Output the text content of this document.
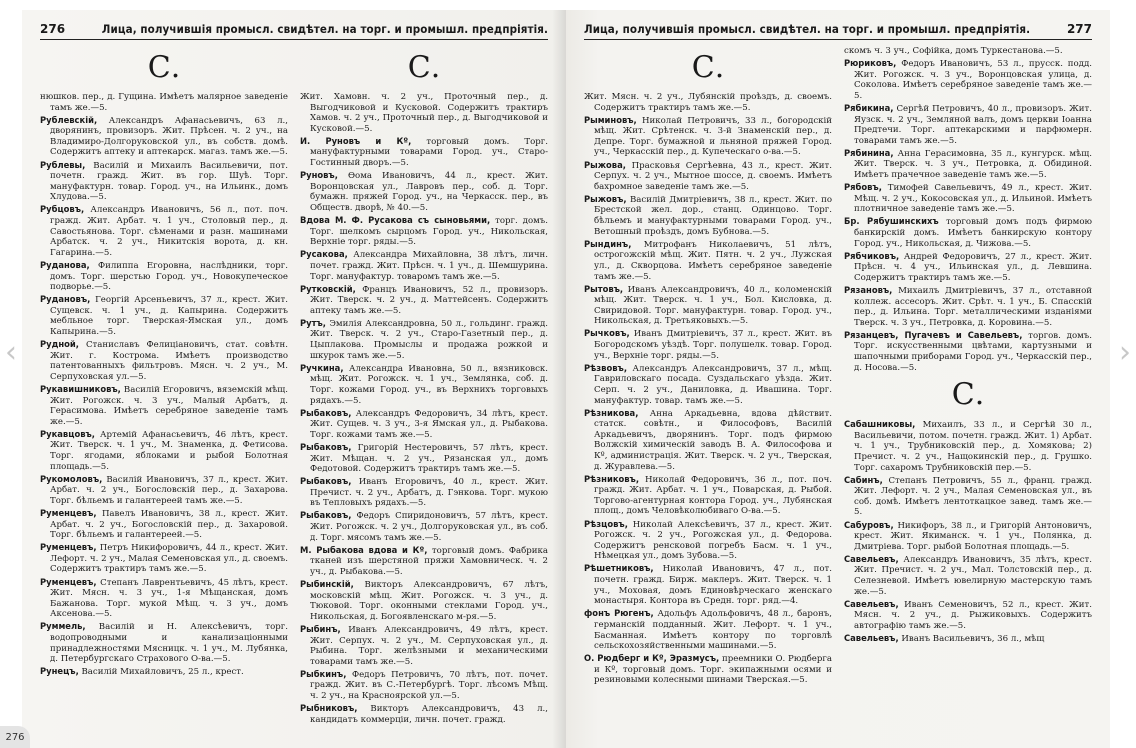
276	Лица, получившія промысл. свидѣтел. на торг. и промышл. предпріятія.
С.
нюшков. пер., д. Гущина. Имѣетъ малярное заведеніе тамъ же.—5.
Рублевскій, Александръ Афанасьевичъ, 63 л., дворянинъ, провизоръ. Жит. Прѣсен. ч. 2 уч., на Владимиро-Долгоруковской ул., въ собств. домѣ. Содержитъ аптеку и аптекарск. магаз. тамъ же.—5.
Рублевы, Василій и Михаилъ Васильевичи, пот. почетн. гражд. Жит. въ гор. Шуѣ. Торг. мануфактурн. товар. Город. уч., на Ильинк., домъ Хлудова.—5.
Рубцовъ, Александръ Ивановичъ, 56 л., пот. поч. гражд. Жит. Арбат. ч. 1 уч., Столовый пер., д. Савостьянова. Торг. сѣменами и разн. машинами Арбатск. ч. 2 уч., Никитскія ворота, д. кн. Гагарина.—5.
Руданова, Филиппа Егоровна, наслѣдники, торг. домъ. Торг. шерстью Город. уч., Новокупеческое подворье.—5.
Рудановъ, Георгій Арсеньевичъ, 37 л., крест. Жит. Сущевск. ч. 1 уч., д. Капырина. Содержитъ мебльное торг. Тверская-Ямская ул., домъ Капырина.—5.
Рудной, Станиславъ Фелиціановичъ, стат. совѣтн. Жит. г. Кострома. Имѣетъ производство патентованныхъ фильтровъ. Мясн. ч. 2 уч., М. Серпуховская ул.—5.
Рукавишниковъ, Василій Егоровичъ, вяземскій мѣщ. Жит. Рогожск. ч. 3 уч., Малый Арбатъ, д. Герасимова. Имѣетъ серебряное заведеніе тамъ же.—5.
Рукавцовъ, Артемій Афанасьевичъ, 46 лѣтъ, крест. Жит. Тверск. ч. 1 уч., М. Знаменка, д. Фетисова. Торг. ягодами, яблоками и рыбой Болотная площадь.—5.
Рукомоловъ, Василій Ивановичъ, 37 л., крест. Жит. Арбат. ч. 2 уч., Богословскій пер., д. Захарова. Торг. бѣльемъ и галантереей тамъ же.—5.
Руменцевъ, Павелъ Ивановичъ, 38 л., крест. Жит. Арбат. ч. 2 уч., Богословскій пер., д. Захаровой. Торг. бѣльемъ и галантереей.—5.
Руменцевъ, Петръ Никифоровичъ, 44 л., крест. Жит. Лефорт. ч. 2 уч., Малая Семеновская ул., д. своемъ. Содержитъ трактиръ тамъ же.—5.
Руменцевъ, Степанъ Лаврентьевичъ, 45 лѣтъ, крест. Жит. Мясн. ч. 3 уч., 1-я Мѣщанская, домъ Бажанова. Торг. мукой Мѣщ. ч. 3 уч., домъ Аксенова.—5.
Руммель, Василій и Н. Алексѣевичъ, торг. водопроводными и канализаціонными принадлежностями Мясницк. ч. 1 уч., М. Лубянка, д. Петербургскаго Страхового О-ва.—5.
Рунецъ, Василій Михайловичъ, 25 л., крест.
С.
Жит. Хамовн. ч. 2 уч., Проточный пер., д. Выгодчиковой и Кусковой. Содержитъ трактиръ Хамов. ч. 2 уч., Проточный пер., д. Выгодчиковой и Кусковой.—5.
И. Руновъ и Кº, торговый домъ. Торг. мануфактурными товарами Город. уч., Старо-Гостинный дворъ.—5.
Руновъ, Ѳома Ивановичъ, 44 л., крест. Жит. Воронцовская ул., Лавровъ пер., соб. д. Торг. бумажн. пряжей Город. уч., на Черкасск. пер., въ Обществ. дворѣ, № 40.—5.
Вдова М. Ф. Русакова съ сыновьями, торг. домъ. Торг. шелкомъ сырцомъ Город. уч., Никольская, Верхніе торг. ряды.—5.
Русакова, Александра Михайловна, 38 лѣтъ, личн. почет. гражд. Жит. Прѣсн. ч. 1 уч., д. Шемшурина. Торг. мануфактур. товаромъ тамъ же.—5.
Рутковскій, Францъ Ивановичъ, 52 л., провизоръ. Жит. Тверск. ч. 2 уч., д. Маттейсенъ. Содержитъ аптеку тамъ же.—5.
Рутъ, Эмилія Александровна, 50 л., гольдинг. гражд. Жит. Тверск. ч. 2 уч., Старо-Газетный пер., д. Цыплакова. Промыслы и продажа рожкой и шкурок тамъ же.—5.
Ручкина, Александра Ивановна, 50 л., вязниковск. мѣщ. Жит. Рогожск. ч. 1 уч., Землянка, соб. д. Торг. кожами Город. уч., въ Верхнихъ торговыхъ рядахъ.—5.
Рыбаковъ, Александръ Федоровичъ, 34 лѣтъ, крест. Жит. Сущев. ч. 3 уч., 3-я Ямская ул., д. Рыбакова. Торг. кожами тамъ же.—5.
Рыбаковъ, Григорій Нестеровичъ, 57 лѣтъ, крест. Жит. Мѣщан. ч. 2 уч., Рязанская ул., домъ Федотовой. Содержитъ трактиръ тамъ же.—5.
Рыбаковъ, Иванъ Егоровичъ, 40 л., крест. Жит. Пречист. ч. 2 уч., Арбатъ, д. Гэнкова. Торг. мукою въ Тепловыхъ рядахъ.—5.
Рыбаковъ, Федоръ Спиридоновичъ, 57 лѣтъ, крест. Жит. Рогожск. ч. 2 уч., Долгоруковская ул., въ соб. д. Торг. мясомъ тамъ же.—5.
М. Рыбакова вдова и Кº, торговый домъ. Фабрика тканей изъ шерстяной пряжи Хамовническ. ч. 2 уч., д. Рыбакова.—5.
Рыбинскій, Викторъ Александровичъ, 67 лѣтъ, московскій мѣщ. Жит. Рогожск. ч. 3 уч., д. Тюковой. Торг. оконными стеклами Город. уч., Никольская, д. Богоявленскаго м-ря.—5.
Рыбинъ, Иванъ Александровичъ, 49 лѣтъ, крест. Жит. Серпух. ч. 2 уч., М. Серпуховская ул., д. Рыбина. Торг. желѣзными и механическими товарами тамъ же.—5.
Рыбкинъ, Федоръ Петровичъ, 70 лѣтъ, пот. почет. гражд. Жит. въ С.-Петербургѣ. Торг. лѣсомъ Мѣщ. ч. 2 уч., на Красноярской ул.—5.
Рыбниковъ, Викторъ Александровичъ, 43 л., кандидатъ коммерціи, личн. почет. гражд.
Лица, получившія промысл. свидѣтел. на торг. и промышл. предпріятія.	277
С.
Жит. Мясн. ч. 2 уч., Лубянскій проѣздъ, д. своемъ. Содержитъ трактиръ тамъ же.—5.
Рыминовъ, Николай Петровичъ, 33 л., богородскій мѣщ. Жит. Срѣтенск. ч. 3-й Знаменскій пер., д. Депре. Торг. бумажной и льняной пряжей Город. уч., Черкасскій пер., д. Купеческаго о-ва.—5.
Рыжова, Прасковья Сергѣевна, 43 л., крест. Жит. Серпух. ч. 2 уч., Мытное шоссе, д. своемъ. Имѣетъ бахромное заведеніе тамъ же.—5.
Рыжовъ, Василій Дмитріевичъ, 38 л., крест. Жит. по Брестской жел. дор., станц. Одинцово. Торг. бѣльемъ и мануфактурными товарами Город. уч., Ветошный проѣздъ, домъ Бубнова.—5.
Рындинъ, Митрофанъ Николаевичъ, 51 лѣтъ, острогожскій мѣщ. Жит. Пятн. ч. 2 уч., Лужская ул., д. Скворцова. Имѣетъ серебряное заведеніе тамъ же.—5.
Рытовъ, Иванъ Александровичъ, 40 л., коломенскій мѣщ. Жит. Тверск. ч. 1 уч., Бол. Кисловка, д. Свиридовой. Торг. мануфактурн. товар. Город. уч., Никольская, д. Третьяковыхъ.—5.
Рычковъ, Иванъ Дмитріевичъ, 37 л., крест. Жит. въ Богородскомъ уѣздѣ. Торг. полушелк. товар. Город. уч., Верхніе торг. ряды.—5.
Рѣзвовъ, Александръ Александровичъ, 37 л., мѣщ. Гавриловскаго посада. Суздальскаго уѣзда. Жит. Серп. ч. 2 уч., Даниловка, д. Ивашина. Торг. мануфактур. товар. тамъ же.—5.
Рѣзникова, Анна Аркадьевна, вдова дѣйствит. статск. совѣтн., и Философовъ, Василій Аркадьевичъ, дворянинъ. Торг. подъ фирмою Волжскій химическій заводъ В. А. Философова и Кº, администрація. Жит. Тверск. ч. 2 уч., Тверская, д. Журавлева.—5.
Рѣзниковъ, Николай Федоровичъ, 36 л., пот. поч. гражд. Жит. Арбат. ч. 1 уч., Поварская, д. Рыбой. Торгово-агентурная контора Город. уч., Лубянская площ., домъ Человѣколюбиваго О-ва.—5.
Рѣзцовъ, Николай Алексѣевичъ, 37 л., крест. Жит. Рогожск. ч. 2 уч., Рогожская ул., д. Федорова. Содержитъ ренсковой погребъ Басм. ч. 1 уч., Нѣмецкая ул., домъ Зубова.—5.
Рѣшетниковъ, Николай Ивановичъ, 47 л., пот. почетн. гражд. Бирж. маклеръ. Жит. Тверск. ч. 1 уч., Моховая, домъ Единовѣрческаго женскаго монастыря. Контора въ Средн. торг. ряд.—4.
фонъ Рюгенъ, Адольфъ Адольфовичъ, 48 л., баронъ, германскій подданный. Жит. Лефорт. ч. 1 уч., Басманная. Имѣетъ контору по торговлѣ сельскохозяйственными машинами.—5.
О. Рюдберг и Кº, Эразмусъ, преемники О. Рюдберга и Кº, торговый домъ. Торг. экипажными осями и резиновыми колесными шинами Тверская.—5.
скомъ ч. 3 уч., Софійка, домъ Туркестанова.—5.
Рюриковъ, Федоръ Ивановичъ, 53 л., прусск. подд. Жит. Рогожск. ч. 3 уч., Воронцовская улица, д. Соколова. Имѣетъ серебряное заведеніе тамъ же.—5.
Рябикина, Сергѣй Петровичъ, 40 л., провизоръ. Жит. Яузск. ч. 2 уч., Земляной валъ, домъ церкви Іоанна Предтечи. Торг. аптекарскими и парфюмерн. товарами тамъ же.—5.
Рябинина, Анна Герасимовна, 35 л., кунгурск. мѣщ. Жит. Тверск. ч. 3 уч., Петровка, д. Обидиной. Имѣетъ прачечное заведеніе тамъ же.—5.
Рябовъ, Тимофей Савельевичъ, 49 л., крест. Жит. Мѣщ. ч. 2 уч., Кокосовская ул., д. Ильиной. Имѣетъ плотничное заведеніе тамъ же.—5.
Бр. Рябушинскихъ торговый домъ подъ фирмою банкирскій домъ. Имѣетъ банкирскую контору Город. уч., Никольская, д. Чижова.—5.
Рябчиковъ, Андрей Федоровичъ, 27 л., крест. Жит. Прѣсн. ч. 4 уч., Ильинская ул., д. Левшина. Содержитъ трактиръ тамъ же.—5.
Рязановъ, Михаилъ Дмитріевичъ, 37 л., отставной коллеж. ассесоръ. Жит. Срѣт. ч. 1 уч., Б. Спасскій пер., д. Ильина. Торг. металлическими изданіями Тверск. ч. 3 уч., Петровка, д. Коровина.—5.
Рязанцевъ, Пугачевъ и Савельевъ, торгов. домъ. Торг. искусственными цвѣтами, картузными и шапочными приборами Город. уч., Черкасскій пер., д. Носова.—5.
С.
Сабашниковы, Михаилъ, 33 л., и Сергѣй 30 л., Васильевичи, потом. почетн. гражд. Жит. 1) Арбат. ч. 1 уч., Трубниковскій пер., д. Хомякова; 2) Пречист. ч. 2 уч., Нащокинскій пер., д. Грушко. Торг. сахаромъ Трубниковскій пер.—5.
Сабинъ, Степанъ Петровичъ, 55 л., франц. гражд. Жит. Лефорт. ч. 2 уч., Малая Семеновская ул., въ соб. домѣ. Имѣетъ лентоткацкое завед. тамъ же.—5.
Сабуровъ, Никифоръ, 38 л., и Григорій Антоновичъ, крест. Жит. Якиманск. ч. 1 уч., Полянка, д. Дмитріева. Торг. рыбой Болотная площадь.—5.
Савельевъ, Александръ Ивановичъ, 35 лѣтъ, крест. Жит. Пречист. ч. 2 уч., Мал. Толстовскій пер., д. Селезневой. Имѣетъ ювелирную мастерскую тамъ же.—5.
Савельевъ, Иванъ Семеновичъ, 52 л., крест. Жит. Мясн. ч. 2 уч., д. Рыжиковыхъ. Содержитъ автографію тамъ же.—5.
Савельевъ, Иванъ Васильевичъ, 36 л., мѣщ
‹	›
276
